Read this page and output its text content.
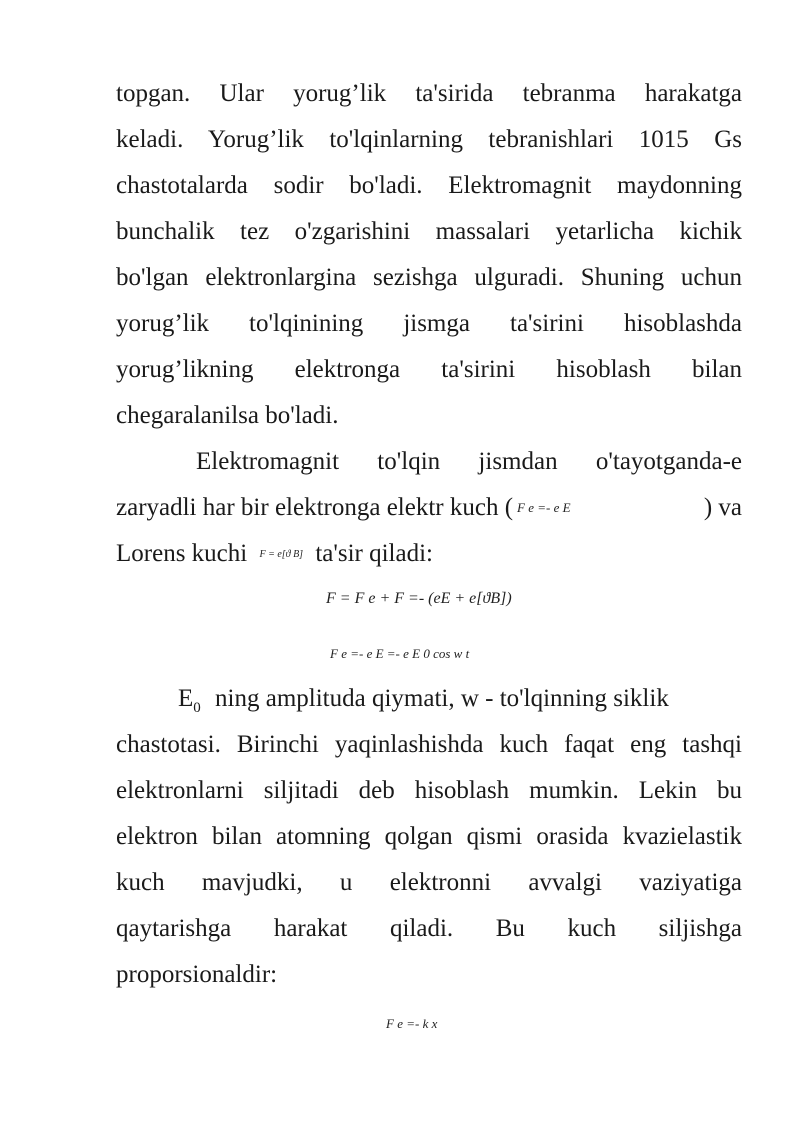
topgan. Ular yorug’lik ta'sirida tebranma harakatga
keladi. Yorug’lik to'lqinlarning tebranishlari 1015 Gs
chastotalarda sodir bo'ladi. Elektromagnit maydonning
bunchalik tez o'zgarishini massalari yetarlicha kichik
bo'lgan elektronlargina sezishga ulguradi. Shuning uchun
yorug’lik to'lqinining jismga ta'sirini hisoblashda
yorug’likning elektronga ta'sirini hisoblash bilan
chegaralanilsa bo'ladi.
Elektromagnit to'lqin jismdan o'tayotganda-e
zaryadli har bir elektronga elektr kuch ( F e =- e E	) va
Lorens kuchi F = e[ϑ B] ta'sir qiladi:
F = F e + F =- (eE + e[ϑB])
F e =- e E =- e E 0 cos w t
$E_0$ ning amplituda qiymati, w - to'lqinning siklik
chastotasi. Birinchi yaqinlashishda kuch faqat eng tashqi
elektronlarni siljitadi deb hisoblash mumkin. Lekin bu
elektron bilan atomning qolgan qismi orasida kvazielastik
kuch mavjudki, u elektronni avvalgi vaziyatiga
qaytarishga harakat qiladi. Bu kuch siljishga
proporsionaldir:
F e =- k x
